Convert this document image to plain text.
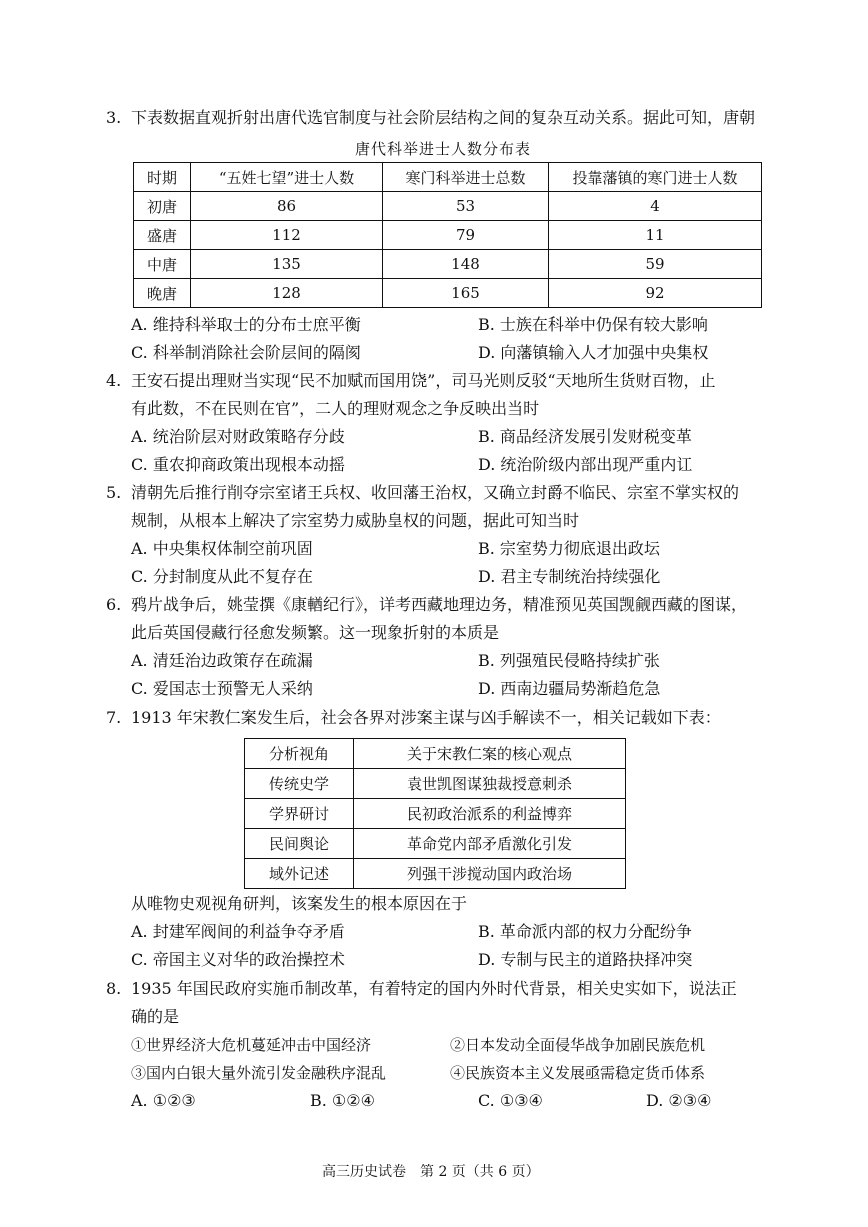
3. 下表数据直观折射出唐代选官制度与社会阶层结构之间的复杂互动关系。据此可知，唐朝
唐代科举进士人数分布表
时期	“五姓七望”进士人数	寒门科举进士总数	投靠藩镇的寒门进士人数
初唐	86	53	4
盛唐	112	79	11
中唐	135	148	59
晚唐	128	165	92
A. 维持科举取士的分布士庶平衡	B. 士族在科举中仍保有较大影响
C. 科举制消除社会阶层间的隔阂	D. 向藩镇输入人才加强中央集权
4. 王安石提出理财当实现“民不加赋而国用饶”，司马光则反驳“天地所生货财百物，止
有此数，不在民则在官”，二人的理财观念之争反映出当时
A. 统治阶层对财政策略存分歧	B. 商品经济发展引发财税变革
C. 重农抑商政策出现根本动摇	D. 统治阶级内部出现严重内讧
5. 清朝先后推行削夺宗室诸王兵权、收回藩王治权，又确立封爵不临民、宗室不掌实权的
规制，从根本上解决了宗室势力威胁皇权的问题，据此可知当时
A. 中央集权体制空前巩固	B. 宗室势力彻底退出政坛
C. 分封制度从此不复存在	D. 君主专制统治持续强化
6. 鸦片战争后，姚莹撰《康輶纪行》，详考西藏地理边务，精准预见英国觊觎西藏的图谋，
此后英国侵藏行径愈发频繁。这一现象折射的本质是
A. 清廷治边政策存在疏漏	B. 列强殖民侵略持续扩张
C. 爱国志士预警无人采纳	D. 西南边疆局势渐趋危急
7. 1913 年宋教仁案发生后，社会各界对涉案主谋与凶手解读不一，相关记载如下表：
分析视角	关于宋教仁案的核心观点
传统史学	袁世凯图谋独裁授意刺杀
学界研讨	民初政治派系的利益博弈
民间舆论	革命党内部矛盾激化引发
域外记述	列强干涉搅动国内政治场
从唯物史观视角研判，该案发生的根本原因在于
A. 封建军阀间的利益争夺矛盾	B. 革命派内部的权力分配纷争
C. 帝国主义对华的政治操控术	D. 专制与民主的道路抉择冲突
8. 1935 年国民政府实施币制改革，有着特定的国内外时代背景，相关史实如下，说法正
确的是
①世界经济大危机蔓延冲击中国经济	②日本发动全面侵华战争加剧民族危机
③国内白银大量外流引发金融秩序混乱	④民族资本主义发展亟需稳定货币体系
A. ①②③	B. ①②④	C. ①③④	D. ②③④
高三历史试卷　第 2 页（共 6 页）
